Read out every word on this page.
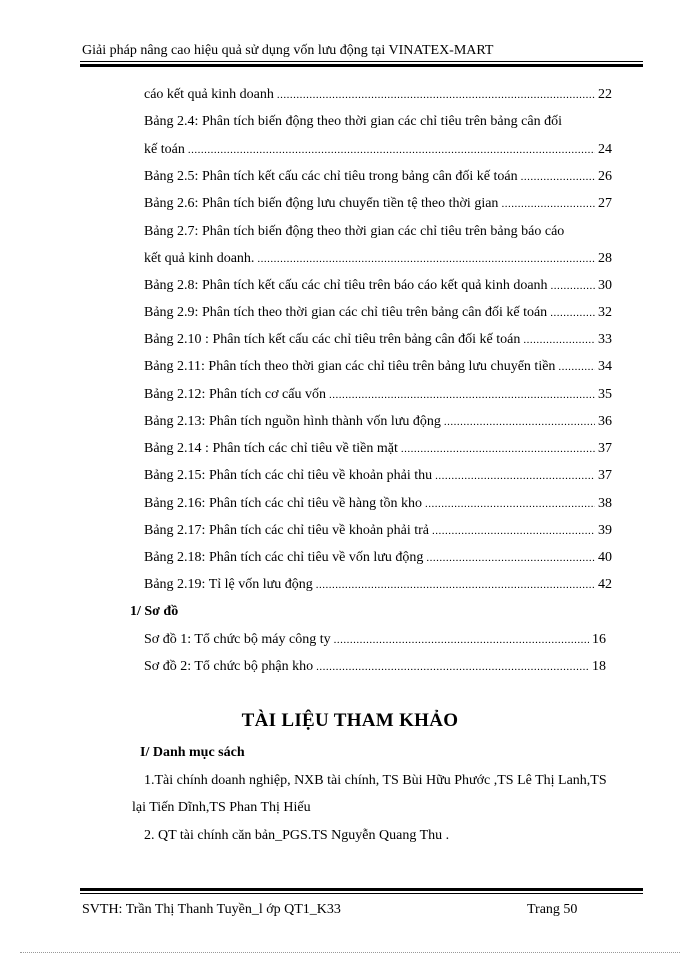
Giải pháp nâng cao hiệu quả sử dụng vốn lưu động tại VINATEX-MART
cáo kết quả kinh doanh .....	22
Bảng 2.4: Phân tích biến động theo thời gian các chỉ tiêu trên bảng cân đối
kế toán .....	24
Bảng 2.5: Phân tích kết cấu các chỉ tiêu trong bảng cân đối kế toán .....	26
Bảng 2.6: Phân tích biến động lưu chuyển tiền tệ theo thời gian .....	27
Bảng 2.7: Phân tích biến động theo thời gian các chỉ tiêu trên bảng báo cáo
kết quả kinh doanh. .....	28
Bảng 2.8: Phân tích kết cấu các chỉ tiêu trên báo cáo kết quả kinh doanh .....	30
Bảng 2.9: Phân tích theo thời gian các chỉ tiêu trên bảng cân đối kế toán .....	32
Bảng 2.10 : Phân tích kết cấu các chỉ tiêu trên bảng cân đối kế toán .....	33
Bảng 2.11: Phân tích theo thời gian các chỉ tiêu trên bảng lưu chuyển tiền .....	34
Bảng 2.12: Phân tích cơ cấu vốn .....	35
Bảng 2.13: Phân tích nguồn hình thành vốn lưu động .....	36
Bảng 2.14 : Phân tích các chỉ tiêu về tiền mặt .....	37
Bảng 2.15: Phân tích các chỉ tiêu về khoản phải thu .....	37
Bảng 2.16: Phân tích các chỉ tiêu về hàng tồn kho .....	38
Bảng 2.17: Phân tích các chỉ tiêu về khoản phải trả .....	39
Bảng 2.18: Phân tích các chỉ tiêu về vốn lưu động .....	40
Bảng 2.19: Tỉ lệ vốn lưu động .....	42
1/ Sơ đồ
Sơ đồ 1: Tổ chức bộ máy công ty .....	16
Sơ đồ 2: Tổ chức bộ phận kho .....	18
TÀI LIỆU THAM KHẢO
I/ Danh mục sách
1.Tài chính doanh nghiệp, NXB tài chính, TS Bùi Hữu Phước ,TS Lê Thị Lanh,TS
lại Tiến Dĩnh,TS Phan Thị Hiếu
2. QT tài chính căn bản_PGS.TS Nguyễn Quang Thu .
SVTH: Trần Thị Thanh Tuyền_l ớp QT1_K33	Trang 50
